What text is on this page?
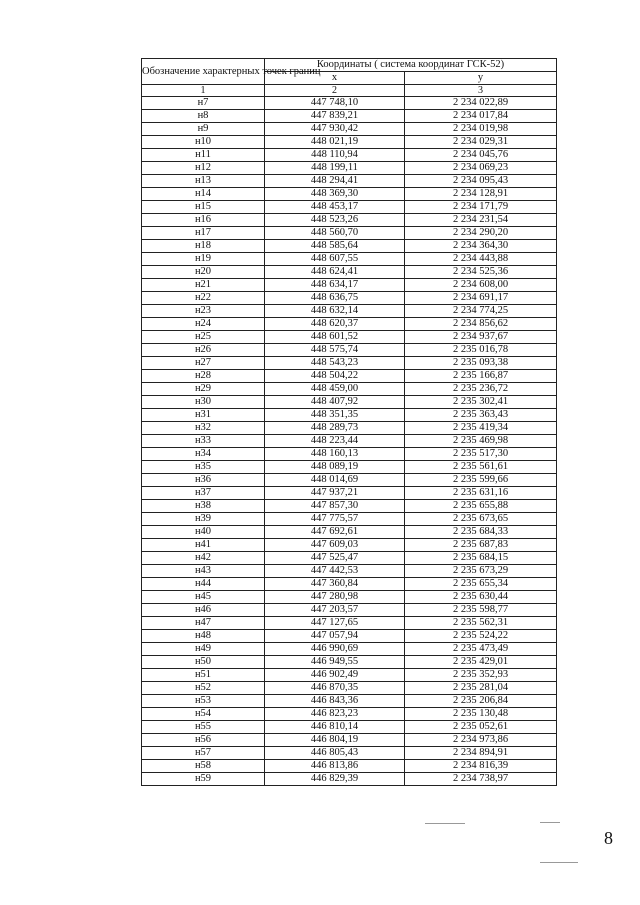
Обозначение характерных точек границ	Координаты ( система координат ГСК-52)	
	x	y
1	2	3
н7	447 748,10	2 234 022,89
н8	447 839,21	2 234 017,84
н9	447 930,42	2 234 019,98
н10	448 021,19	2 234 029,31
н11	448 110,94	2 234 045,76
н12	448 199,11	2 234 069,23
н13	448 294,41	2 234 095,43
н14	448 369,30	2 234 128,91
н15	448 453,17	2 234 171,79
н16	448 523,26	2 234 231,54
н17	448 560,70	2 234 290,20
н18	448 585,64	2 234 364,30
н19	448 607,55	2 234 443,88
н20	448 624,41	2 234 525,36
н21	448 634,17	2 234 608,00
н22	448 636,75	2 234 691,17
н23	448 632,14	2 234 774,25
н24	448 620,37	2 234 856,62
н25	448 601,52	2 234 937,67
н26	448 575,74	2 235 016,78
н27	448 543,23	2 235 093,38
н28	448 504,22	2 235 166,87
н29	448 459,00	2 235 236,72
н30	448 407,92	2 235 302,41
н31	448 351,35	2 235 363,43
н32	448 289,73	2 235 419,34
н33	448 223,44	2 235 469,98
н34	448 160,13	2 235 517,30
н35	448 089,19	2 235 561,61
н36	448 014,69	2 235 599,66
н37	447 937,21	2 235 631,16
н38	447 857,30	2 235 655,88
н39	447 775,57	2 235 673,65
н40	447 692,61	2 235 684,33
н41	447 609,03	2 235 687,83
н42	447 525,47	2 235 684,15
н43	447 442,53	2 235 673,29
н44	447 360,84	2 235 655,34
н45	447 280,98	2 235 630,44
н46	447 203,57	2 235 598,77
н47	447 127,65	2 235 562,31
н48	447 057,94	2 235 524,22
н49	446 990,69	2 235 473,49
н50	446 949,55	2 235 429,01
н51	446 902,49	2 235 352,93
н52	446 870,35	2 235 281,04
н53	446 843,36	2 235 206,84
н54	446 823,23	2 235 130,48
н55	446 810,14	2 235 052,61
н56	446 804,19	2 234 973,86
н57	446 805,43	2 234 894,91
н58	446 813,86	2 234 816,39
н59	446 829,39	2 234 738,97
8
